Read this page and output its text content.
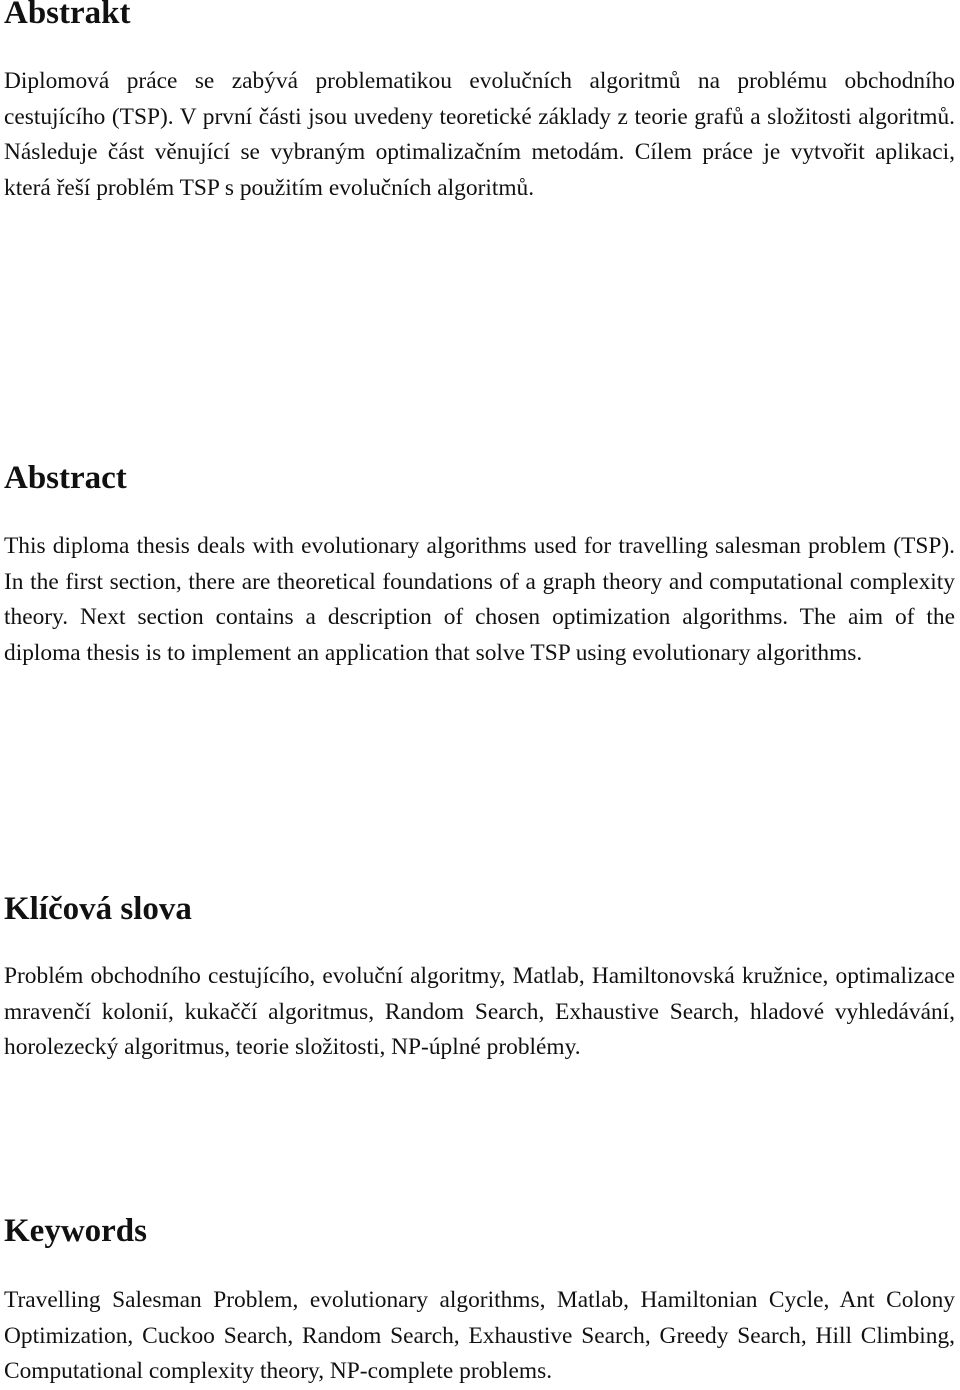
Abstrakt

Diplomová práce se zabývá problematikou evolučních algoritmů na problému obchodního cestujícího (TSP). V první části jsou uvedeny teoretické základy z teorie grafů a složitosti algoritmů. Následuje část věnující se vybraným optimalizačním metodám. Cílem práce je vytvořit aplikaci, která řeší problém TSP s použitím evolučních algoritmů.

Abstract

This diploma thesis deals with evolutionary algorithms used for travelling salesman problem (TSP). In the first section, there are theoretical foundations of a graph theory and computational complexity theory. Next section contains a description of chosen optimization algorithms. The aim of the diploma thesis is to implement an application that solve TSP using evolutionary algorithms.

Klíčová slova

Problém obchodního cestujícího, evoluční algoritmy, Matlab, Hamiltonovská kružnice, optimalizace mravenčí kolonií, kukaččí algoritmus, Random Search, Exhaustive Search, hladové vyhledávání, horolezecký algoritmus, teorie složitosti, NP-úplné problémy.

Keywords

Travelling Salesman Problem, evolutionary algorithms, Matlab, Hamiltonian Cycle, Ant Colony Optimization, Cuckoo Search, Random Search, Exhaustive Search, Greedy Search, Hill Climbing, Computational complexity theory, NP-complete problems.
